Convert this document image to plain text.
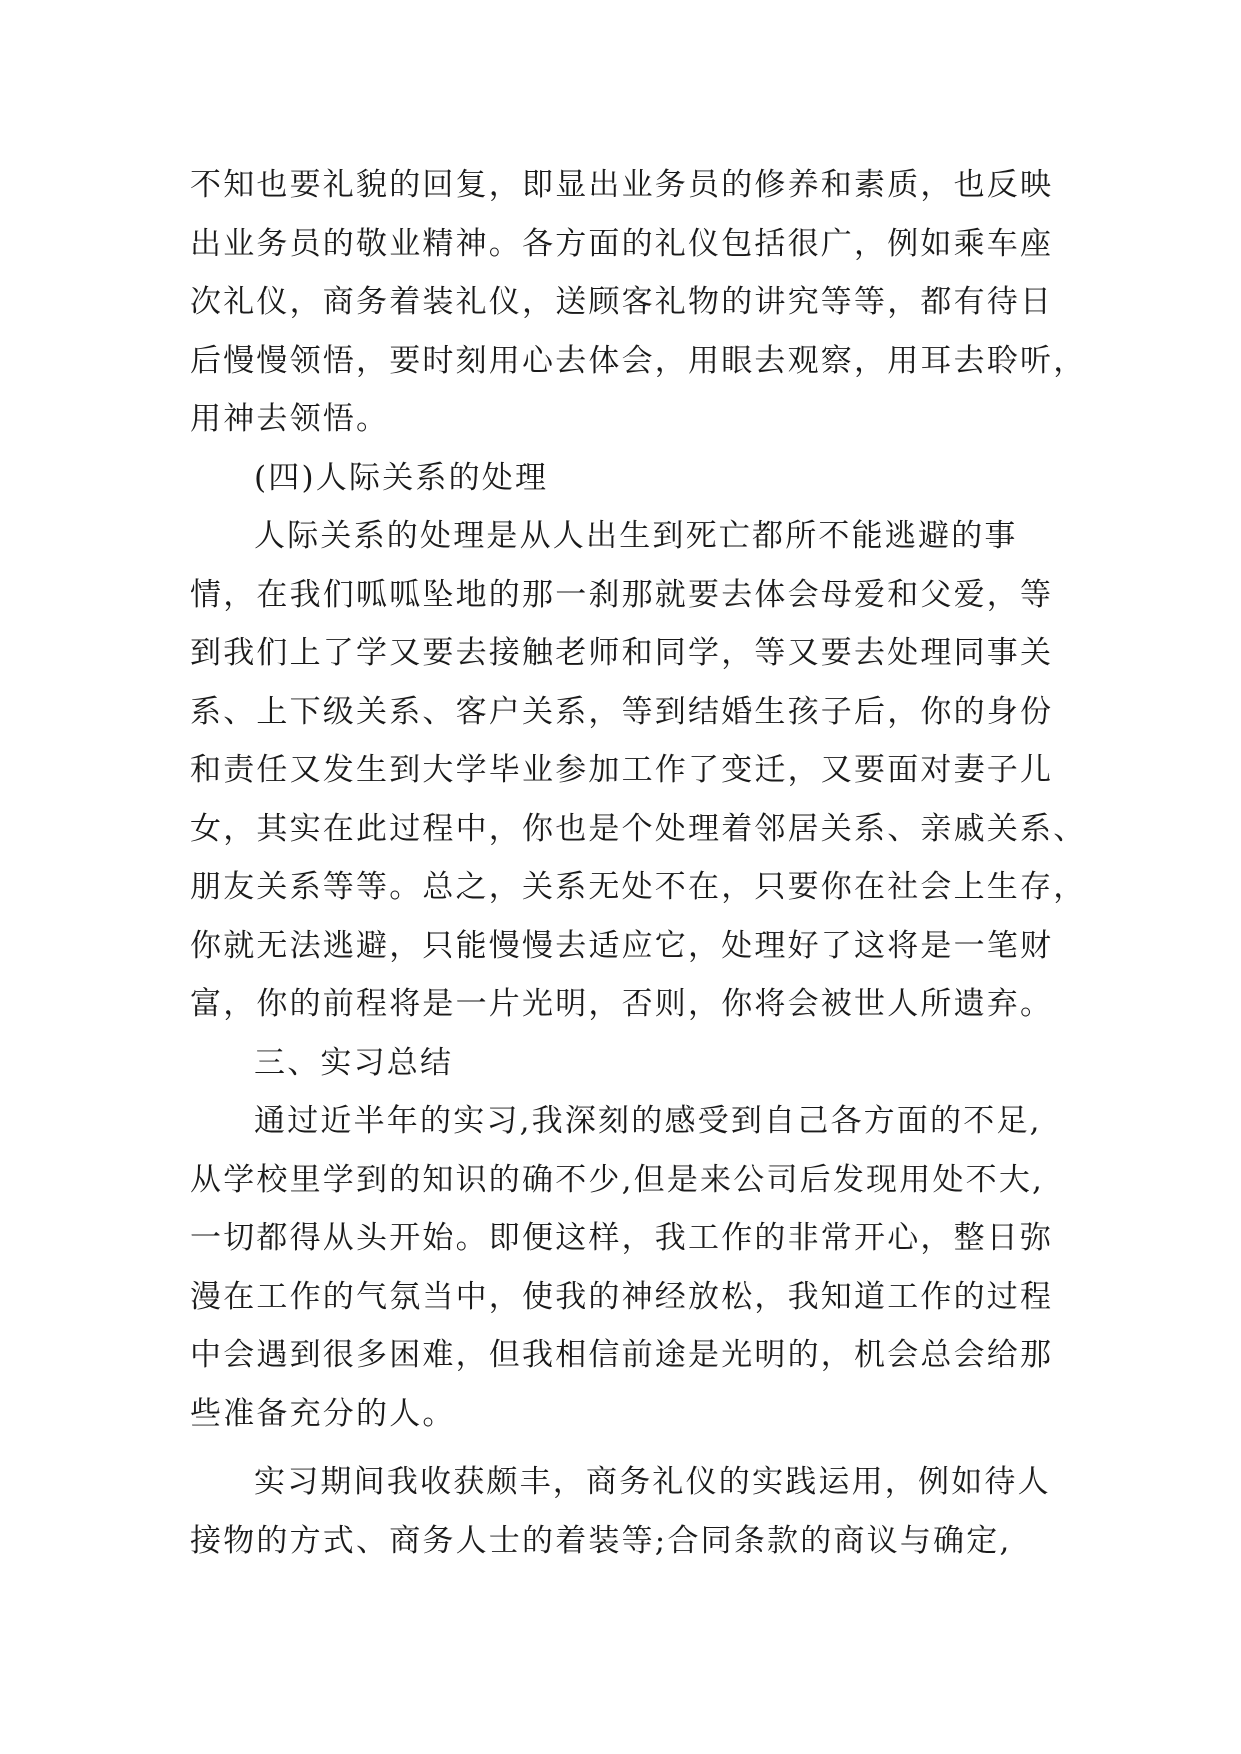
不知也要礼貌的回复，即显出业务员的修养和素质，也反映
出业务员的敬业精神。各方面的礼仪包括很广，例如乘车座
次礼仪，商务着装礼仪，送顾客礼物的讲究等等，都有待日
后慢慢领悟，要时刻用心去体会，用眼去观察，用耳去聆听，
用神去领悟。
(四)人际关系的处理
人际关系的处理是从人出生到死亡都所不能逃避的事
情，在我们呱呱坠地的那一刹那就要去体会母爱和父爱，等
到我们上了学又要去接触老师和同学，等又要去处理同事关
系、上下级关系、客户关系，等到结婚生孩子后，你的身份
和责任又发生到大学毕业参加工作了变迁，又要面对妻子儿
女，其实在此过程中，你也是个处理着邻居关系、亲戚关系、
朋友关系等等。总之，关系无处不在，只要你在社会上生存，
你就无法逃避，只能慢慢去适应它，处理好了这将是一笔财
富，你的前程将是一片光明，否则，你将会被世人所遗弃。
三、实习总结
通过近半年的实习,我深刻的感受到自己各方面的不足,
从学校里学到的知识的确不少,但是来公司后发现用处不大,
一切都得从头开始。即便这样，我工作的非常开心，整日弥
漫在工作的气氛当中，使我的神经放松，我知道工作的过程
中会遇到很多困难，但我相信前途是光明的，机会总会给那
些准备充分的人。
实习期间我收获颇丰，商务礼仪的实践运用，例如待人
接物的方式、商务人士的着装等;合同条款的商议与确定,
